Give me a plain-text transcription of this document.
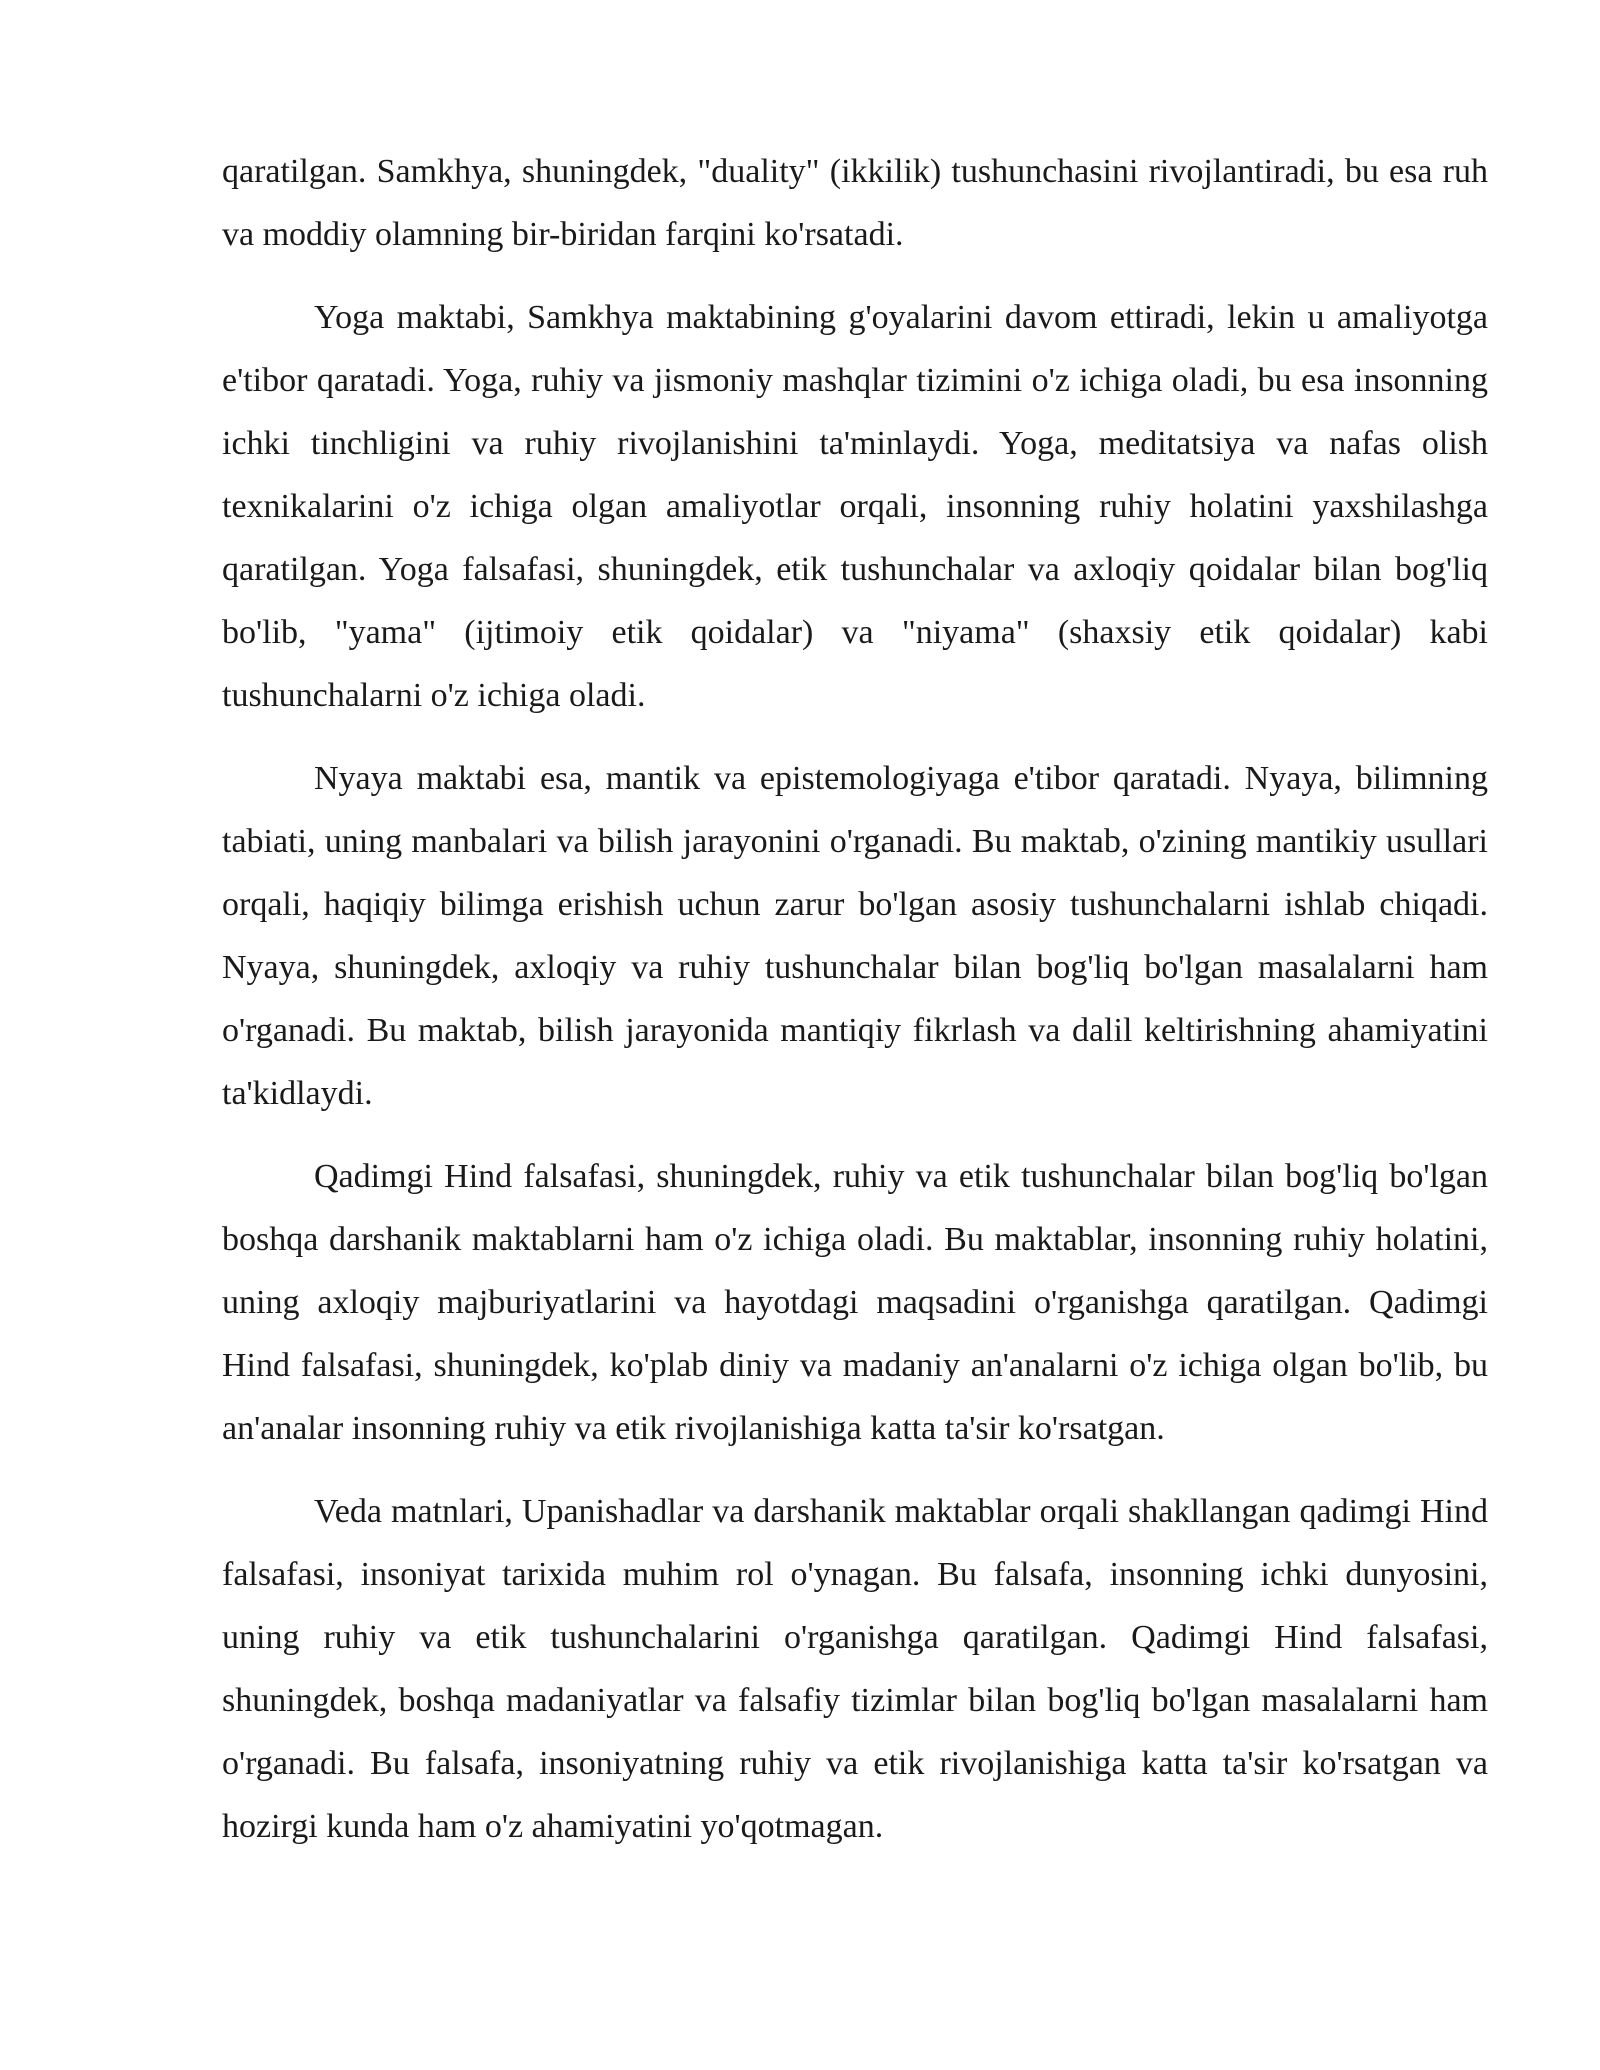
qaratilgan. Samkhya, shuningdek, "duality" (ikkilik) tushunchasini rivojlantiradi, bu esa ruh va moddiy olamning bir-biridan farqini ko'rsatadi.

Yoga maktabi, Samkhya maktabining g'oyalarini davom ettiradi, lekin u amaliyotga e'tibor qaratadi. Yoga, ruhiy va jismoniy mashqlar tizimini o'z ichiga oladi, bu esa insonning ichki tinchligini va ruhiy rivojlanishini ta'minlaydi. Yoga, meditatsiya va nafas olish texnikalarini o'z ichiga olgan amaliyotlar orqali, insonning ruhiy holatini yaxshilashga qaratilgan. Yoga falsafasi, shuningdek, etik tushunchalar va axloqiy qoidalar bilan bog'liq bo'lib, "yama" (ijtimoiy etik qoidalar) va "niyama" (shaxsiy etik qoidalar) kabi tushunchalarni o'z ichiga oladi.

Nyaya maktabi esa, mantik va epistemologiyaga e'tibor qaratadi. Nyaya, bilimning tabiati, uning manbalari va bilish jarayonini o'rganadi. Bu maktab, o'zining mantikiy usullari orqali, haqiqiy bilimga erishish uchun zarur bo'lgan asosiy tushunchalarni ishlab chiqadi. Nyaya, shuningdek, axloqiy va ruhiy tushunchalar bilan bog'liq bo'lgan masalalarni ham o'rganadi. Bu maktab, bilish jarayonida mantiqiy fikrlash va dalil keltirishning ahamiyatini ta'kidlaydi.

Qadimgi Hind falsafasi, shuningdek, ruhiy va etik tushunchalar bilan bog'liq bo'lgan boshqa darshanik maktablarni ham o'z ichiga oladi. Bu maktablar, insonning ruhiy holatini, uning axloqiy majburiyatlarini va hayotdagi maqsadini o'rganishga qaratilgan. Qadimgi Hind falsafasi, shuningdek, ko'plab diniy va madaniy an'analarni o'z ichiga olgan bo'lib, bu an'analar insonning ruhiy va etik rivojlanishiga katta ta'sir ko'rsatgan.

Veda matnlari, Upanishadlar va darshanik maktablar orqali shakllangan qadimgi Hind falsafasi, insoniyat tarixida muhim rol o'ynagan. Bu falsafa, insonning ichki dunyosini, uning ruhiy va etik tushunchalarini o'rganishga qaratilgan. Qadimgi Hind falsafasi, shuningdek, boshqa madaniyatlar va falsafiy tizimlar bilan bog'liq bo'lgan masalalarni ham o'rganadi. Bu falsafa, insoniyatning ruhiy va etik rivojlanishiga katta ta'sir ko'rsatgan va hozirgi kunda ham o'z ahamiyatini yo'qotmagan.
